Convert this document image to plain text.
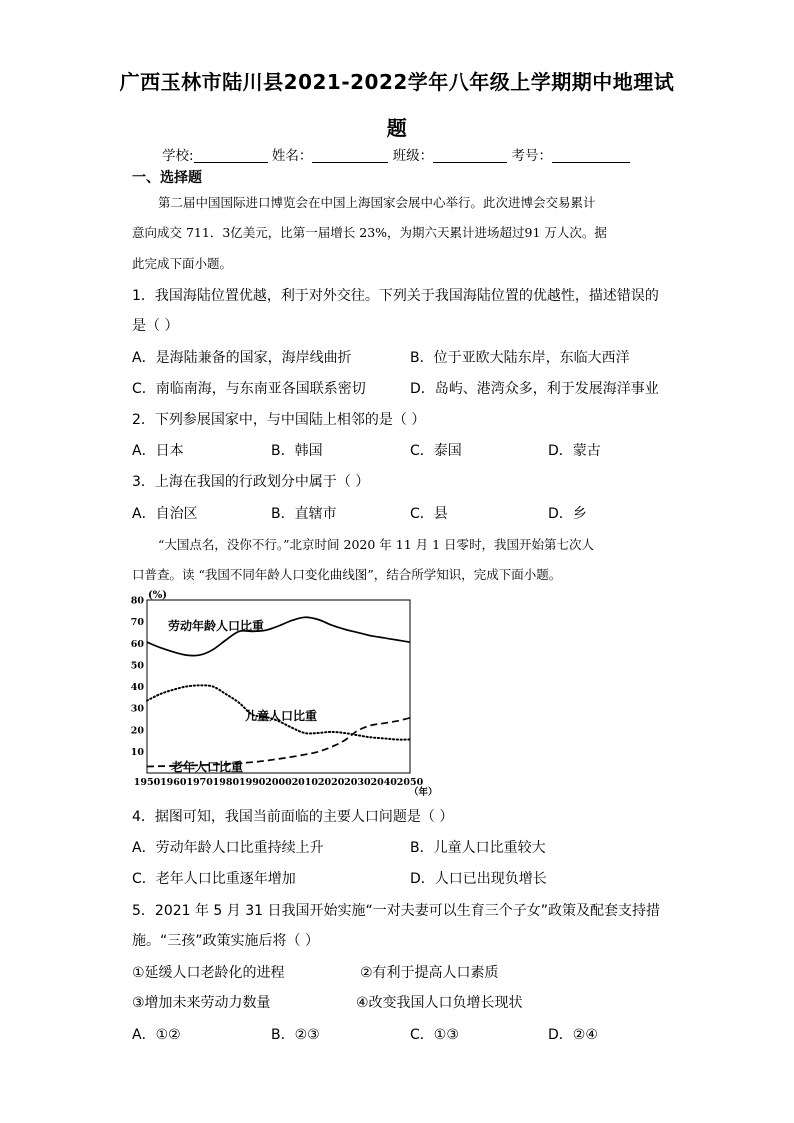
广西玉林市陆川县2021-2022学年八年级上学期期中地理试
题
学校:	姓名：	班级：	考号：
一、选择题
第二届中国国际进口博览会在中国上海国家会展中心举行。此次进博会交易累计
意向成交 711．3亿美元，比第一届增长 23%，为期六天累计进场超过91 万人次。据
此完成下面小题。
1．我国海陆位置优越，利于对外交往。下列关于我国海陆位置的优越性，描述错误的
是（ ）
A．是海陆兼备的国家，海岸线曲折	B．位于亚欧大陆东岸，东临大西洋
C．南临南海，与东南亚各国联系密切	D．岛屿、港湾众多，利于发展海洋事业
2．下列参展国家中，与中国陆上相邻的是（ ）
A．日本	B．韩国	C．泰国	D．蒙古
3．上海在我国的行政划分中属于（ ）
A．自治区	B．直辖市	C．县	D．乡
“大国点名，没你不行。”北京时间 2020 年 11 月 1 日零时，我国开始第七次人
口普查。读 “我国不同年龄人口变化曲线图”，结合所学知识，完成下面小题。
(%)
10
20
30
40
50
60
70
80
1950 1960 1970 1980 1990 2000 2010 2020 2030 2040 2050
劳动年龄人口比重
儿童人口比重
老年人口比重
（年）
4．据图可知，我国当前面临的主要人口问题是（ ）
A．劳动年龄人口比重持续上升	B．儿童人口比重较大
C．老年人口比重逐年增加	D．人口已出现负增长
5．2021 年 5 月 31 日我国开始实施“一对夫妻可以生育三个子女”政策及配套支持措
施。“三孩”政策实施后将（ ）
①延缓人口老龄化的进程	②有利于提高人口素质
③增加未来劳动力数量	④改变我国人口负增长现状
A．①②	B．②③	C．①③	D．②④
